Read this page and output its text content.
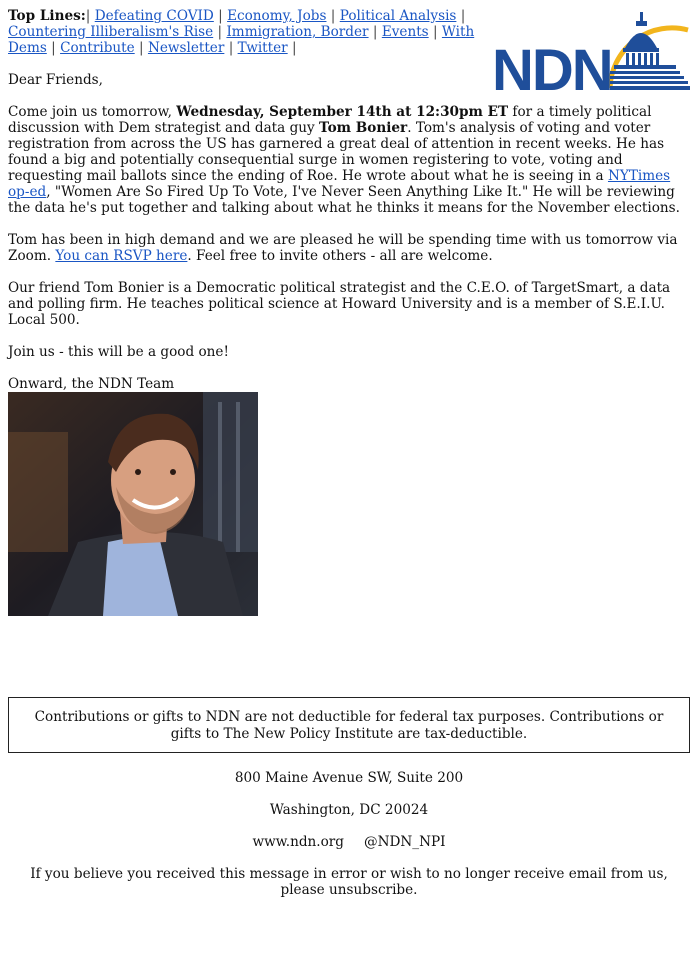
Top Lines:| Defeating COVID | Economy, Jobs | Political Analysis | Countering Illiberalism's Rise | Immigration, Border | Events | With Dems | Contribute | Newsletter | Twitter |	NDN

Dear Friends,

Come join us tomorrow, Wednesday, September 14th at 12:30pm ET for a timely political discussion with Dem strategist and data guy Tom Bonier. Tom's analysis of voting and voter registration from across the US has garnered a great deal of attention in recent weeks. He has found a big and potentially consequential surge in women registering to vote, voting and requesting mail ballots since the ending of Roe. He wrote about what he is seeing in a NYTimes op-ed, "Women Are So Fired Up To Vote, I've Never Seen Anything Like It." He will be reviewing the data he's put together and talking about what he thinks it means for the November elections.

Tom has been in high demand and we are pleased he will be spending time with us tomorrow via Zoom. You can RSVP here. Feel free to invite others - all are welcome.

Our friend Tom Bonier is a Democratic political strategist and the C.E.O. of TargetSmart, a data and polling firm. He teaches political science at Howard University and is a member of S.E.I.U. Local 500.

Join us - this will be a good one!

Onward, the NDN Team

Contributions or gifts to NDN are not deductible for federal tax purposes. Contributions or gifts to The New Policy Institute are tax-deductible.

800 Maine Avenue SW, Suite 200

Washington, DC 20024

www.ndn.org @NDN_NPI

If you believe you received this message in error or wish to no longer receive email from us, please unsubscribe.
